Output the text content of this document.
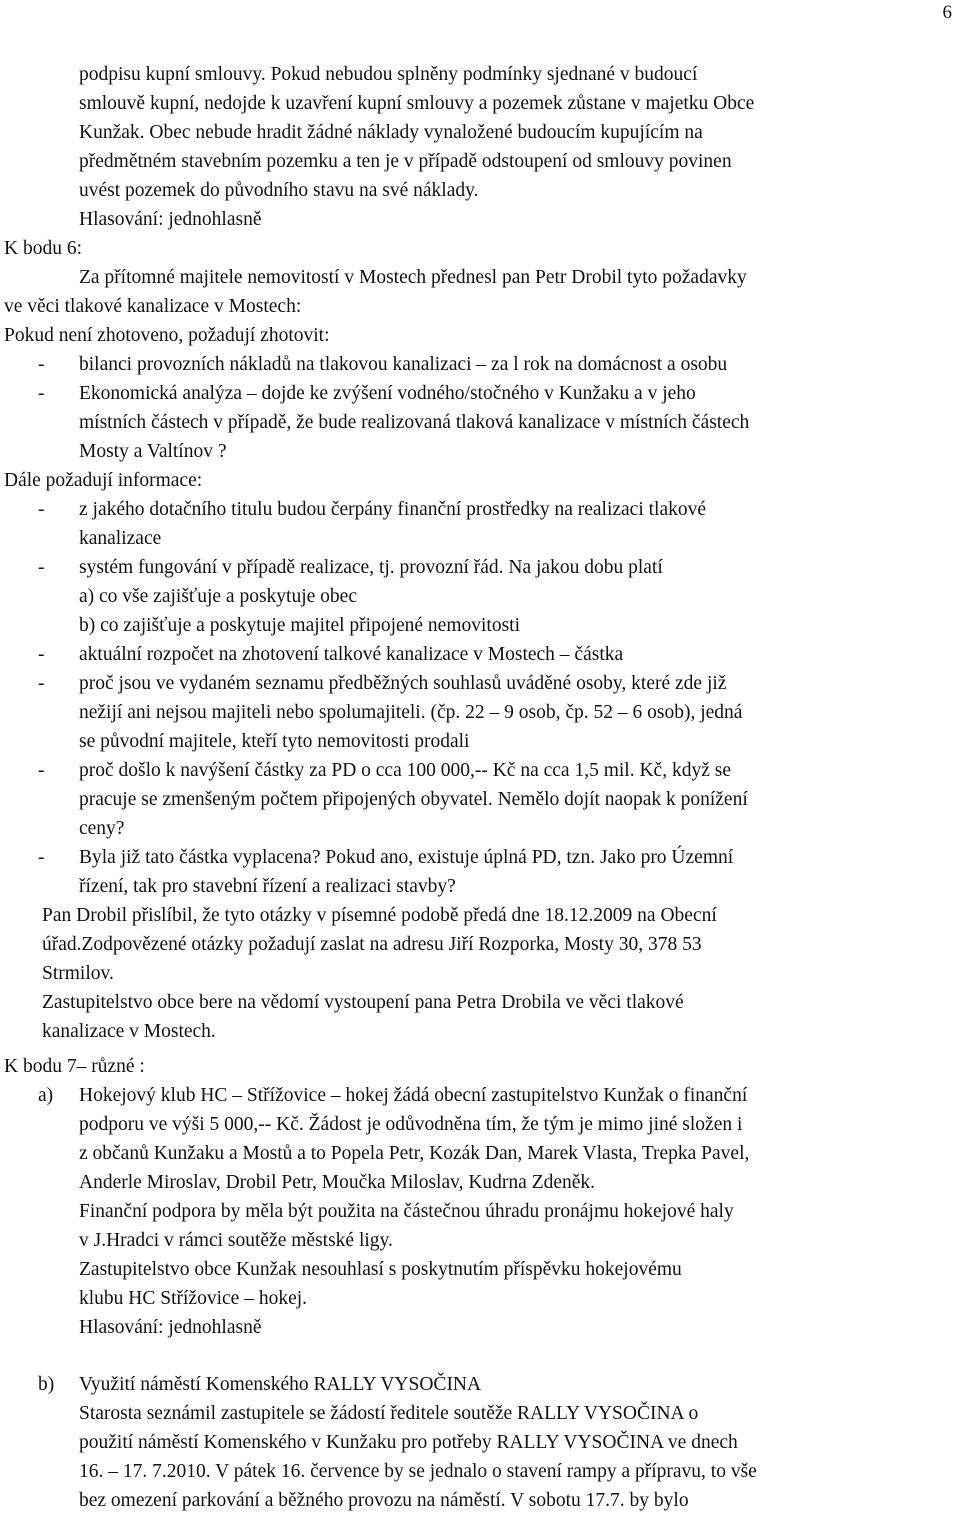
6
podpisu kupní smlouvy. Pokud nebudou splněny podmínky sjednané v budoucí
smlouvě kupní, nedojde k uzavření kupní smlouvy a pozemek zůstane v majetku Obce
Kunžak. Obec nebude hradit žádné náklady vynaložené budoucím kupujícím na
předmětném stavebním pozemku a ten je v případě odstoupení od smlouvy povinen
uvést pozemek do původního stavu na své náklady.
Hlasování: jednohlasně
K bodu 6:
Za přítomné majitele nemovitostí v Mostech přednesl pan Petr Drobil tyto požadavky
ve věci tlakové kanalizace v Mostech:
Pokud není zhotoveno, požadují zhotovit:
- bilanci provozních nákladů na tlakovou kanalizaci – za l rok na domácnost a osobu
- Ekonomická analýza – dojde ke zvýšení vodného/stočného v Kunžaku a v jeho
místních částech v případě, že bude realizovaná tlaková kanalizace v místních částech
Mosty a Valtínov ?
Dále požadují informace:
- z jakého dotačního titulu budou čerpány finanční prostředky na realizaci tlakové
kanalizace
- systém fungování v případě realizace, tj. provozní řád. Na jakou dobu platí
a) co vše zajišťuje a poskytuje obec
b) co zajišťuje a poskytuje majitel připojené nemovitosti
- aktuální rozpočet na zhotovení talkové kanalizace v Mostech – částka
- proč jsou ve vydaném seznamu předběžných souhlasů uváděné osoby, které zde již
nežijí ani nejsou majiteli nebo spolumajiteli. (čp. 22 – 9 osob, čp. 52 – 6 osob), jedná
se původní majitele, kteří tyto nemovitosti prodali
- proč došlo k navýšení částky za PD o cca 100 000,-- Kč na cca 1,5 mil. Kč, když se
pracuje se zmenšeným počtem připojených obyvatel. Nemělo dojít naopak k ponížení
ceny?
- Byla již tato částka vyplacena? Pokud ano, existuje úplná PD, tzn. Jako pro Územní
řízení, tak pro stavební řízení a realizaci stavby?
Pan Drobil přislíbil, že tyto otázky v písemné podobě předá dne 18.12.2009 na Obecní
úřad.Zodpovězené otázky požadují zaslat na adresu Jiří Rozporka, Mosty 30, 378 53
Strmilov.
Zastupitelstvo obce bere na vědomí vystoupení pana Petra Drobila ve věci tlakové
kanalizace v Mostech.
K bodu 7– různé :
a) Hokejový klub HC – Střížovice – hokej žádá obecní zastupitelstvo Kunžak o finanční
podporu ve výši 5 000,-- Kč. Žádost je odůvodněna tím, že tým je mimo jiné složen i
z občanů Kunžaku a Mostů a to Popela Petr, Kozák Dan, Marek Vlasta, Trepka Pavel,
Anderle Miroslav, Drobil Petr, Moučka Miloslav, Kudrna Zdeněk.
Finanční podpora by měla být použita na částečnou úhradu pronájmu hokejové haly
v J.Hradci v rámci soutěže městské ligy.
Zastupitelstvo obce Kunžak nesouhlasí s poskytnutím příspěvku hokejovému
klubu HC Střížovice – hokej.
Hlasování: jednohlasně
b) Využití náměstí Komenského RALLY VYSOČINA
Starosta seznámil zastupitele se žádostí ředitele soutěže RALLY VYSOČINA o
použití náměstí Komenského v Kunžaku pro potřeby RALLY VYSOČINA ve dnech
16. – 17. 7.2010. V pátek 16. července by se jednalo o stavení rampy a přípravu, to vše
bez omezení parkování a běžného provozu na náměstí. V sobotu 17.7. by bylo
